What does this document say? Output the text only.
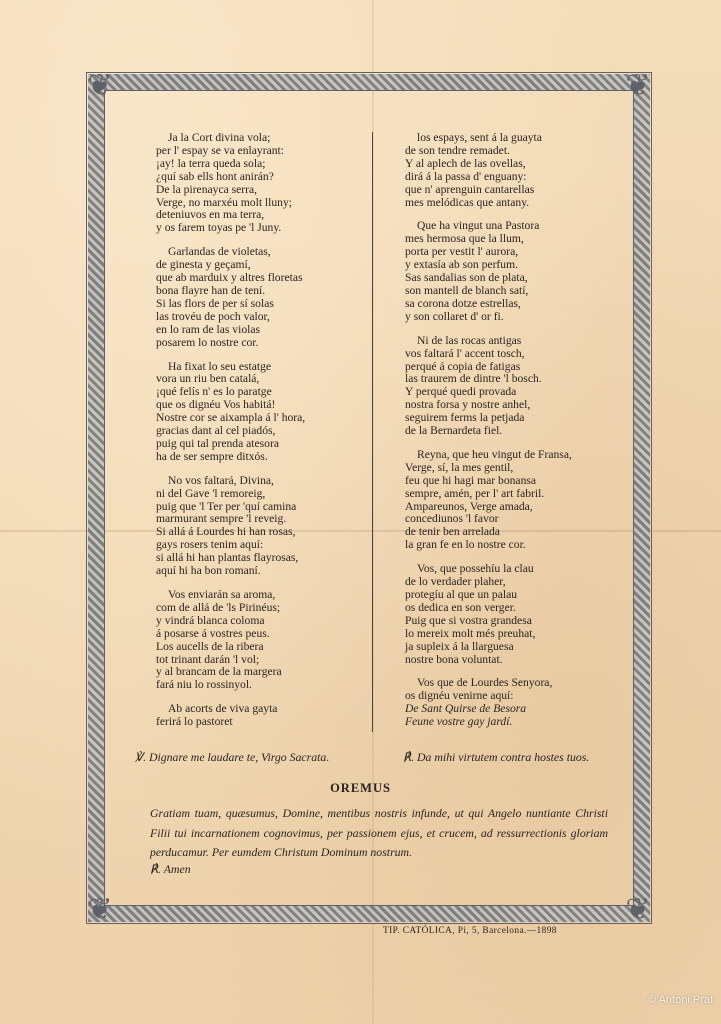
❦	❦
❦	❦
Ja la Cort divina vola;
per l' espay se va enlayrant:
¡ay! la terra queda sola;
¿quí sab ells hont anirán?
De la pirenayca serra,
Verge, no marxéu molt lluny;
deteniuvos en ma terra,
y os farem toyas pe 'l Juny.
Garlandas de violetas,
de ginesta y geçamí,
que ab marduix y altres floretas
bona flayre han de tení.
Si las flors de per sí solas
las trovéu de poch valor,
en lo ram de las violas
posarem lo nostre cor.
Ha fixat lo seu estatge
vora un riu ben catalá,
¡qué felís n' es lo paratge
que os dignéu Vos habitá!
Nostre cor se aixampla á l' hora,
gracias dant al cel piadós,
puig qui tal prenda atesora
ha de ser sempre ditxós.
No vos faltará, Divina,
ni del Gave 'l remoreig,
puig que 'l Ter per 'quí camina
marmurant sempre 'l reveig.
Si allá á Lourdes hi han rosas,
gays rosers tenim aquí:
si allá hi han plantas flayrosas,
aquí hi ha bon romaní.
Vos enviarán sa aroma,
com de allá de 'ls Pirinéus;
y vindrá blanca coloma
á posarse á vostres peus.
Los aucells de la ribera
tot trinant darán 'l vol;
y al brancam de la margera
fará niu lo rossinyol.
Ab acorts de viva gayta
ferirá lo pastoret
los espays, sent á la guayta
de son tendre remadet.
Y al aplech de las ovellas,
dirá á la passa d' enguany:
que n' aprenguin cantarellas
mes melódicas que antany.
Que ha vingut una Pastora
mes hermosa que la llum,
porta per vestit l' aurora,
y extasía ab son perfum.
Sas sandalias son de plata,
son mantell de blanch satí,
sa corona dotze estrellas,
y son collaret d' or fi.
Ni de las rocas antigas
vos faltará l' accent tosch,
perqué á copia de fatigas
las traurem de dintre 'l bosch.
Y perqué quedi provada
nostra forsa y nostre anhel,
seguirem ferms la petjada
de la Bernardeta fiel.
Reyna, que heu vingut de Fransa,
Verge, sí, la mes gentil,
feu que hi hagi mar bonansa
sempre, amén, per l' art fabril.
Ampareunos, Verge amada,
concediunos 'l favor
de tenir ben arrelada
la gran fe en lo nostre cor.
Vos, que possehíu la clau
de lo verdader plaher,
protegíu al que un palau
os dedica en son verger.
Puig que si vostra grandesa
lo mereix molt més preuhat,
ja supleix á la llarguesa
nostre bona voluntat.
Vos que de Lourdes Senyora,
os dignéu venirne aquí:
De Sant Quirse de Besora
Feune vostre gay jardí.
℣. Dignare me laudare te, Virgo Sacrata.	℟. Da mihi virtutem contra hostes tuos.
OREMUS
Gratiam tuam, quæsumus, Domine, mentibus nostris infunde, ut qui Angelo nuntiante Christi Filii tui incarnationem cognovimus, per passionem ejus, et crucem, ad ressurrectionis gloriam perducamur. Per eumdem Christum Dominum nostrum.
℟. Amen
TIP. CATÓLICA, Pi, 5, Barcelona.—1898
© Antoni Prat
